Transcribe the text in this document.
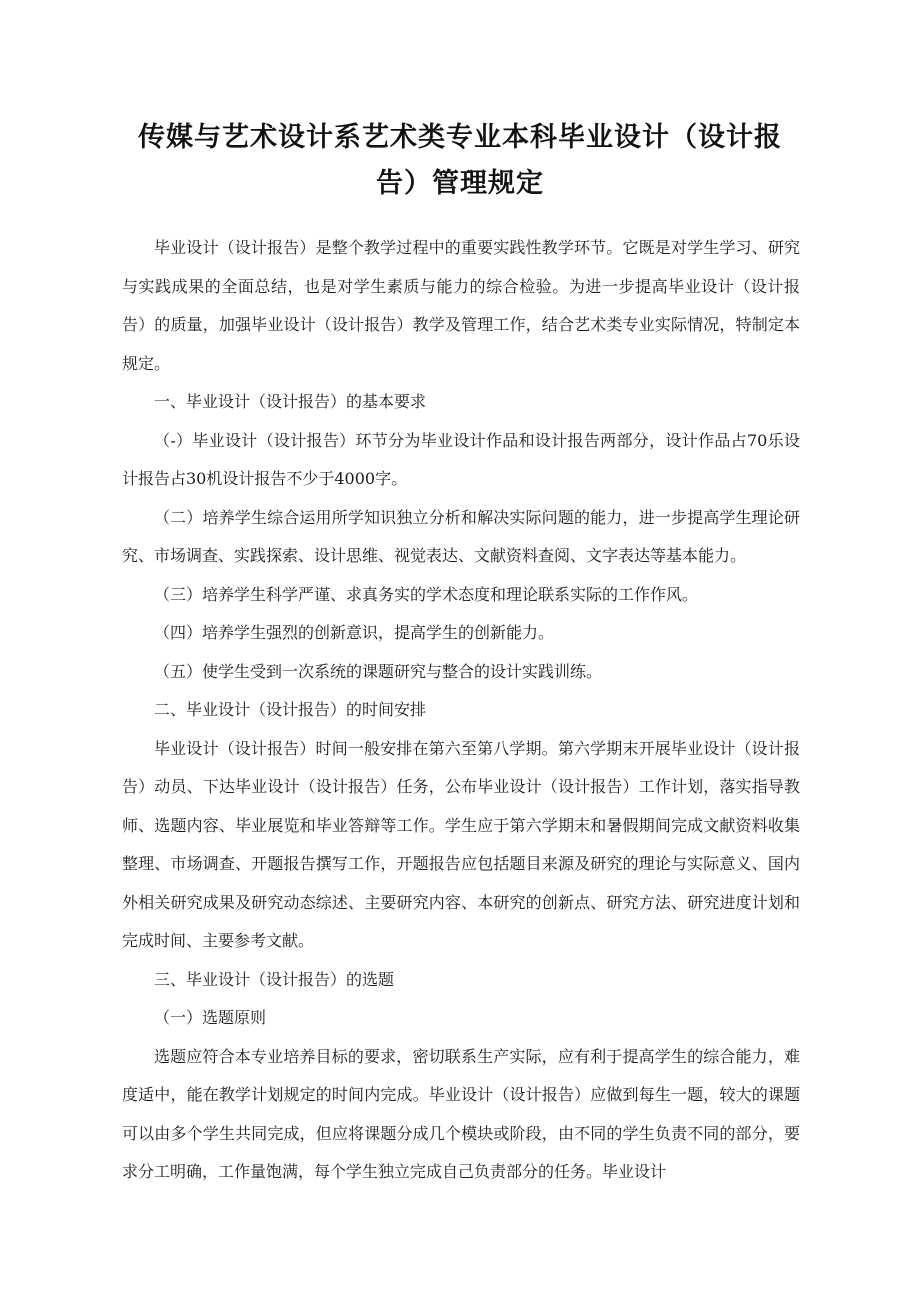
传媒与艺术设计系艺术类专业本科毕业设计（设计报
告）管理规定

毕业设计（设计报告）是整个教学过程中的重要实践性教学环节。它既是对学生学习、研究与实践成果的全面总结，也是对学生素质与能力的综合检验。为进一步提高毕业设计（设计报告）的质量，加强毕业设计（设计报告）教学及管理工作，结合艺术类专业实际情况，特制定本规定。

一、毕业设计（设计报告）的基本要求

（-）毕业设计（设计报告）环节分为毕业设计作品和设计报告两部分，设计作品占70乐设计报告占30机设计报告不少于4000字。

（二）培养学生综合运用所学知识独立分析和解决实际问题的能力，进一步提高学生理论研究、市场调查、实践探索、设计思维、视觉表达、文献资料查阅、文字表达等基本能力。

（三）培养学生科学严谨、求真务实的学术态度和理论联系实际的工作作风。

（四）培养学生强烈的创新意识，提高学生的创新能力。

（五）使学生受到一次系统的课题研究与整合的设计实践训练。

二、毕业设计（设计报告）的时间安排

毕业设计（设计报告）时间一般安排在第六至第八学期。第六学期末开展毕业设计（设计报告）动员、下达毕业设计（设计报告）任务，公布毕业设计（设计报告）工作计划，落实指导教师、选题内容、毕业展览和毕业答辩等工作。学生应于第六学期末和暑假期间完成文献资料收集整理、市场调查、开题报告撰写工作，开题报告应包括题目来源及研究的理论与实际意义、国内外相关研究成果及研究动态综述、主要研究内容、本研究的创新点、研究方法、研究进度计划和完成时间、主要参考文献。

三、毕业设计（设计报告）的选题

（一）选题原则

选题应符合本专业培养目标的要求，密切联系生产实际，应有利于提高学生的综合能力，难度适中，能在教学计划规定的时间内完成。毕业设计（设计报告）应做到每生一题，较大的课题可以由多个学生共同完成，但应将课题分成几个模块或阶段，由不同的学生负责不同的部分，要求分工明确，工作量饱满，每个学生独立完成自己负责部分的任务。毕业设计
